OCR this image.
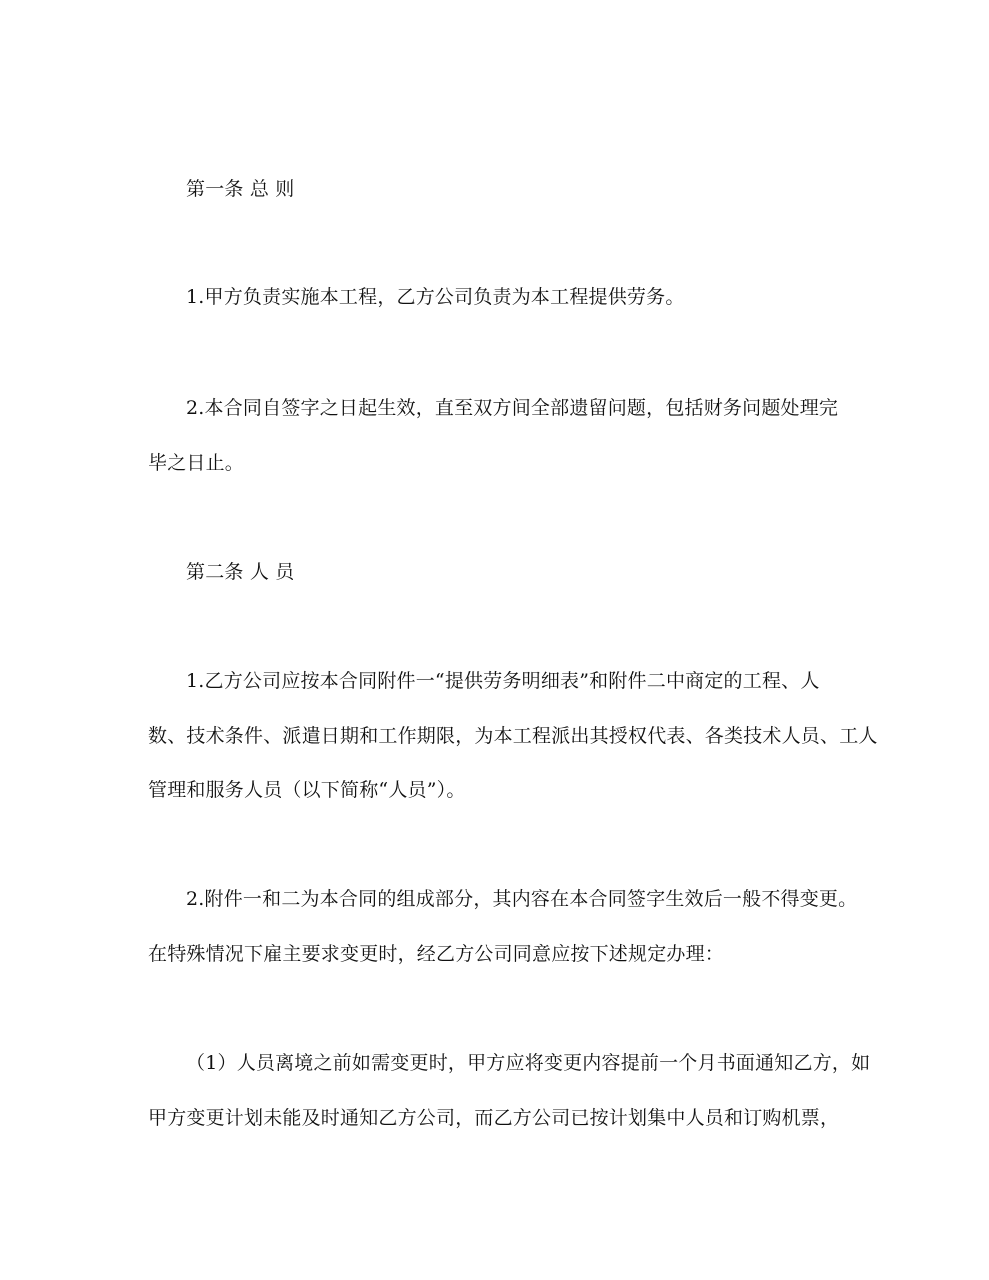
第一条 总 则
1.甲方负责实施本工程，乙方公司负责为本工程提供劳务。
2.本合同自签字之日起生效，直至双方间全部遗留问题，包括财务问题处理完
毕之日止。
第二条 人 员
1.乙方公司应按本合同附件一“提供劳务明细表”和附件二中商定的工程、人
数、技术条件、派遣日期和工作期限，为本工程派出其授权代表、各类技术人员、工人
管理和服务人员（以下简称“人员”）。
2.附件一和二为本合同的组成部分，其内容在本合同签字生效后一般不得变更。
在特殊情况下雇主要求变更时，经乙方公司同意应按下述规定办理：
（1）人员离境之前如需变更时，甲方应将变更内容提前一个月书面通知乙方，如
甲方变更计划未能及时通知乙方公司，而乙方公司已按计划集中人员和订购机票，
